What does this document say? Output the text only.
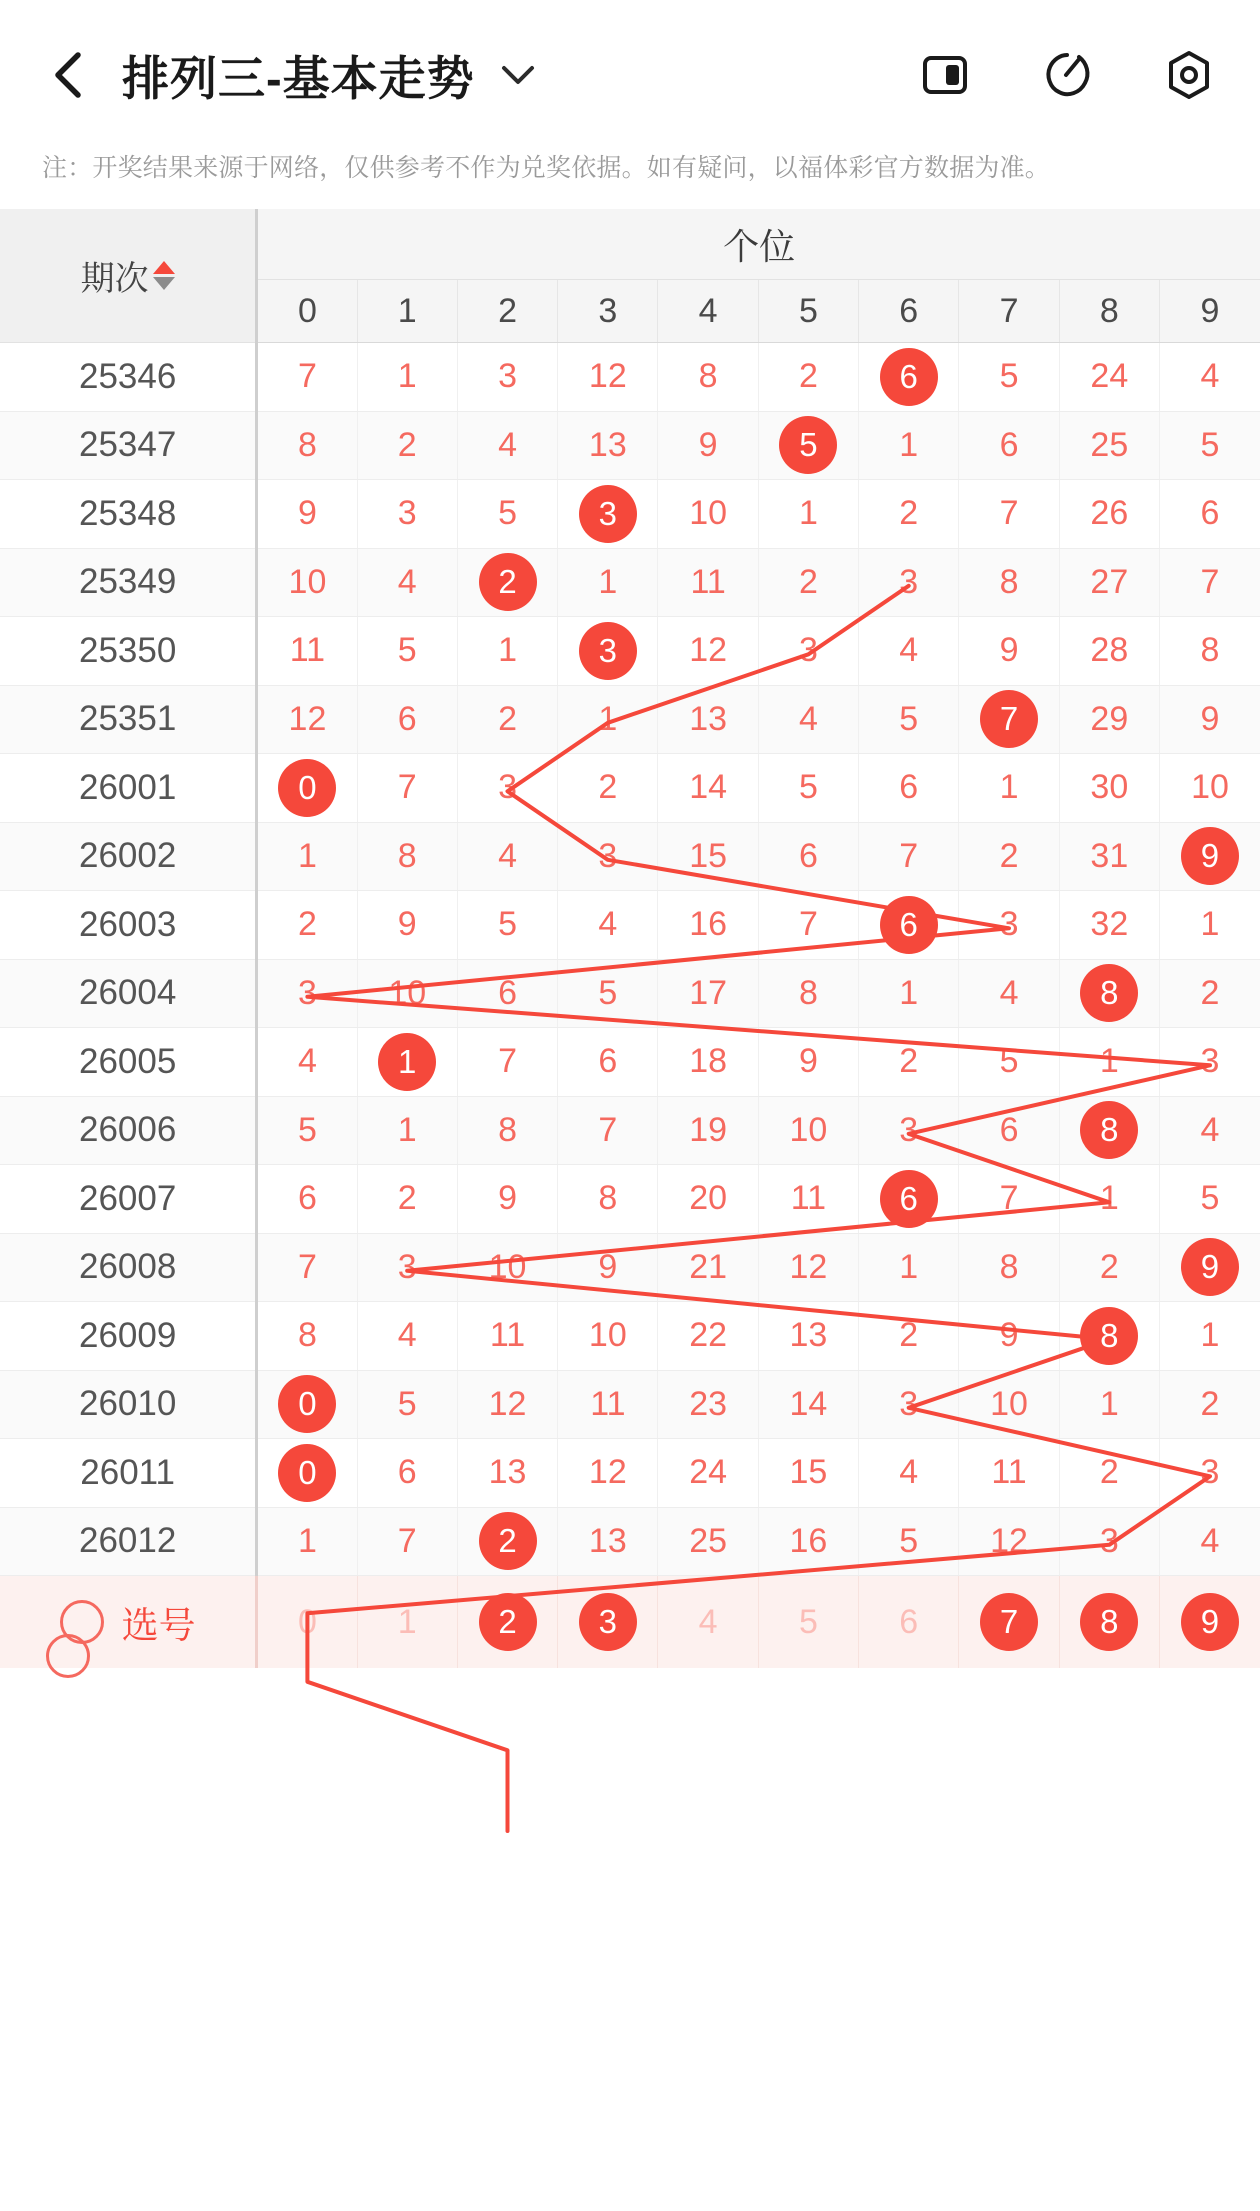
排列三-基本走势
注：开奖结果来源于网络，仅供参考不作为兑奖依据。如有疑问，以福体彩官方数据为准。
期次	个位									
	0	1	2	3	4	5	6	7	8	9
25346	7	1	3	12	8	2	6	5	24	4
25347	8	2	4	13	9	5	1	6	25	5
25348	9	3	5	3	10	1	2	7	26	6
25349	10	4	2	1	11	2	3	8	27	7
25350	11	5	1	3	12	3	4	9	28	8
25351	12	6	2	1	13	4	5	7	29	9
26001	0	7	3	2	14	5	6	1	30	10
26002	1	8	4	3	15	6	7	2	31	9
26003	2	9	5	4	16	7	6	3	32	1
26004	3	10	6	5	17	8	1	4	8	2
26005	4	1	7	6	18	9	2	5	1	3
26006	5	1	8	7	19	10	3	6	8	4
26007	6	2	9	8	20	11	6	7	1	5
26008	7	3	10	9	21	12	1	8	2	9
26009	8	4	11	10	22	13	2	9	8	1
26010	0	5	12	11	23	14	3	10	1	2
26011	0	6	13	12	24	15	4	11	2	3
26012	1	7	2	13	25	16	5	12	3	4

选号	0	1	2	3	4	5	6	7	8	9
